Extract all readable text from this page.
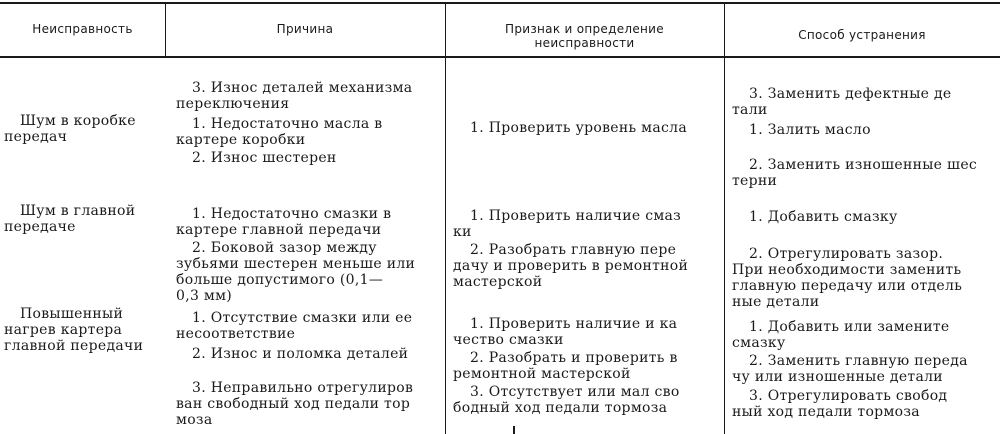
Неисправность	Причина	Признак и определение
неисправности
Способ устранения
Шум в коробке
передач
Шум в главной
передаче
Повышенный
нагрев картера
главной передачи
3. Износ деталей механизма
переключения
1. Недостаточно масла в
картере коробки
2. Износ шестерен
1. Недостаточно смазки в
картере главной передачи
2. Боковой зазор между
зубьями шестерен меньше или
больше допустимого (0,1—
0,3 мм)
1. Отсутствие смазки или ее
несоответствие
2. Износ и поломка деталей
3. Неправильно отрегулиров
ван свободный ход педали тор
моза
1. Проверить уровень масла
1. Проверить наличие смаз
ки
2. Разобрать главную пере
дачу и проверить в ремонтной
мастерской
1. Проверить наличие и ка
чество смазки
2. Разобрать и проверить в
ремонтной мастерской
3. Отсутствует или мал сво
бодный ход педали тормоза
3. Заменить дефектные де
тали
1. Залить масло
2. Заменить изношенные шес
терни
1. Добавить смазку
2. Отрегулировать зазор.
При необходимости заменить
главную передачу или отдель
ные детали
1. Добавить или замените
смазку
2. Заменить главную переда
чу или изношенные детали
3. Отрегулировать свобод
ный ход педали тормоза
